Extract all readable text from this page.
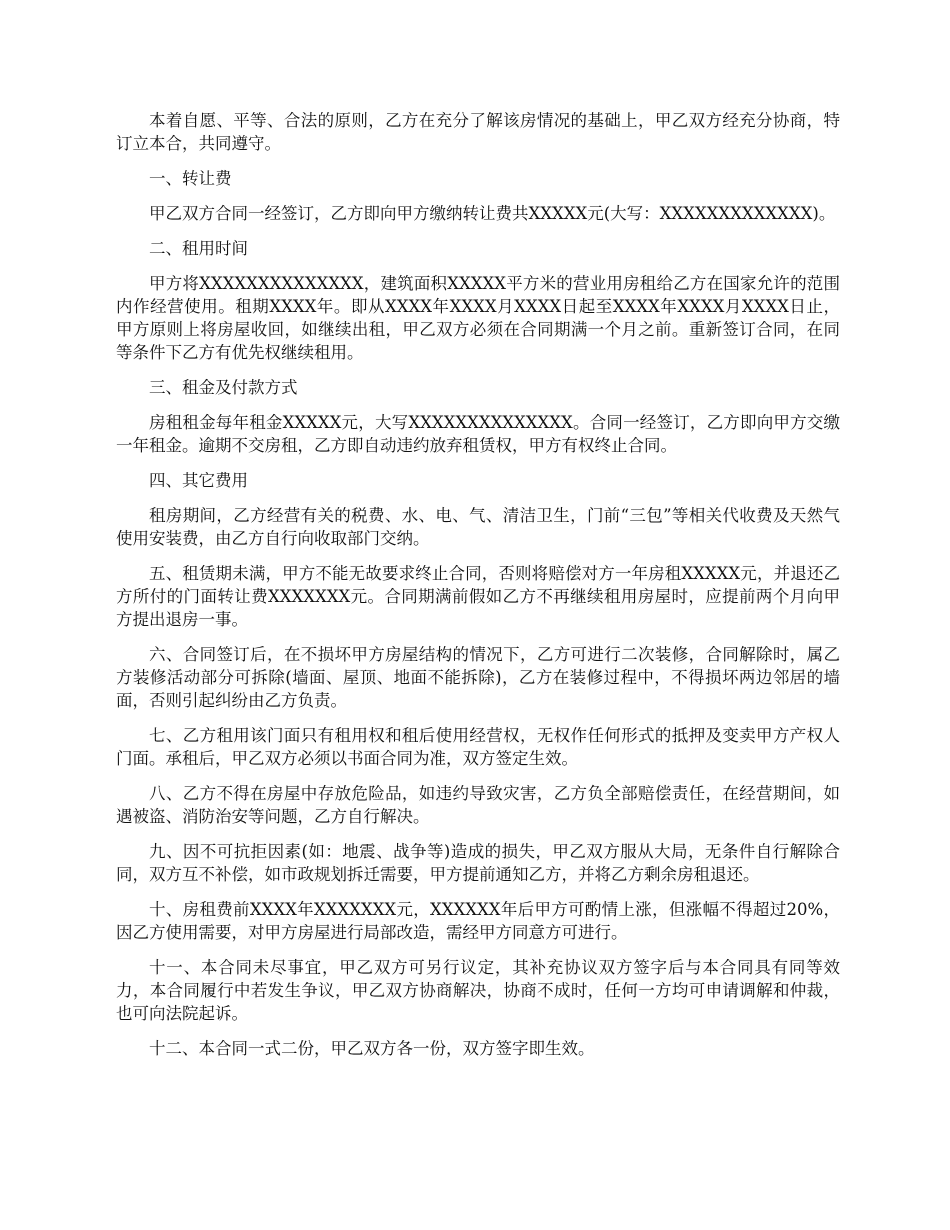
本着自愿、平等、合法的原则，乙方在充分了解该房情况的基础上，甲乙双方经充分协商，特订立本合，共同遵守。

一、转让费

甲乙双方合同一经签订，乙方即向甲方缴纳转让费共XXXXX元(大写：XXXXXXXXXXXXX)。

二、租用时间

甲方将XXXXXXXXXXXXXX，建筑面积XXXXX平方米的营业用房租给乙方在国家允许的范围内作经营使用。租期XXXX年。即从XXXX年XXXX月XXXX日起至XXXX年XXXX月XXXX日止，甲方原则上将房屋收回，如继续出租，甲乙双方必须在合同期满一个月之前。重新签订合同，在同等条件下乙方有优先权继续租用。

三、租金及付款方式

房租租金每年租金XXXXX元，大写XXXXXXXXXXXXXX。合同一经签订，乙方即向甲方交缴一年租金。逾期不交房租，乙方即自动违约放弃租赁权，甲方有权终止合同。

四、其它费用

租房期间，乙方经营有关的税费、水、电、气、清洁卫生，门前“三包”等相关代收费及天然气使用安装费，由乙方自行向收取部门交纳。

五、租赁期未满，甲方不能无故要求终止合同，否则将赔偿对方一年房租XXXXX元，并退还乙方所付的门面转让费XXXXXXX元。合同期满前假如乙方不再继续租用房屋时，应提前两个月向甲方提出退房一事。

六、合同签订后，在不损坏甲方房屋结构的情况下，乙方可进行二次装修，合同解除时，属乙方装修活动部分可拆除(墙面、屋顶、地面不能拆除)，乙方在装修过程中，不得损坏两边邻居的墙面，否则引起纠纷由乙方负责。

七、乙方租用该门面只有租用权和租后使用经营权，无权作任何形式的抵押及变卖甲方产权人门面。承租后，甲乙双方必须以书面合同为准，双方签定生效。

八、乙方不得在房屋中存放危险品，如违约导致灾害，乙方负全部赔偿责任，在经营期间，如遇被盗、消防治安等问题，乙方自行解决。

九、因不可抗拒因素(如：地震、战争等)造成的损失，甲乙双方服从大局，无条件自行解除合同，双方互不补偿，如市政规划拆迁需要，甲方提前通知乙方，并将乙方剩余房租退还。

十、房租费前XXXX年XXXXXXX元，XXXXXX年后甲方可酌情上涨，但涨幅不得超过20%，因乙方使用需要，对甲方房屋进行局部改造，需经甲方同意方可进行。

十一、本合同未尽事宜，甲乙双方可另行议定，其补充协议双方签字后与本合同具有同等效力，本合同履行中若发生争议，甲乙双方协商解决，协商不成时，任何一方均可申请调解和仲裁，也可向法院起诉。

十二、本合同一式二份，甲乙双方各一份，双方签字即生效。
